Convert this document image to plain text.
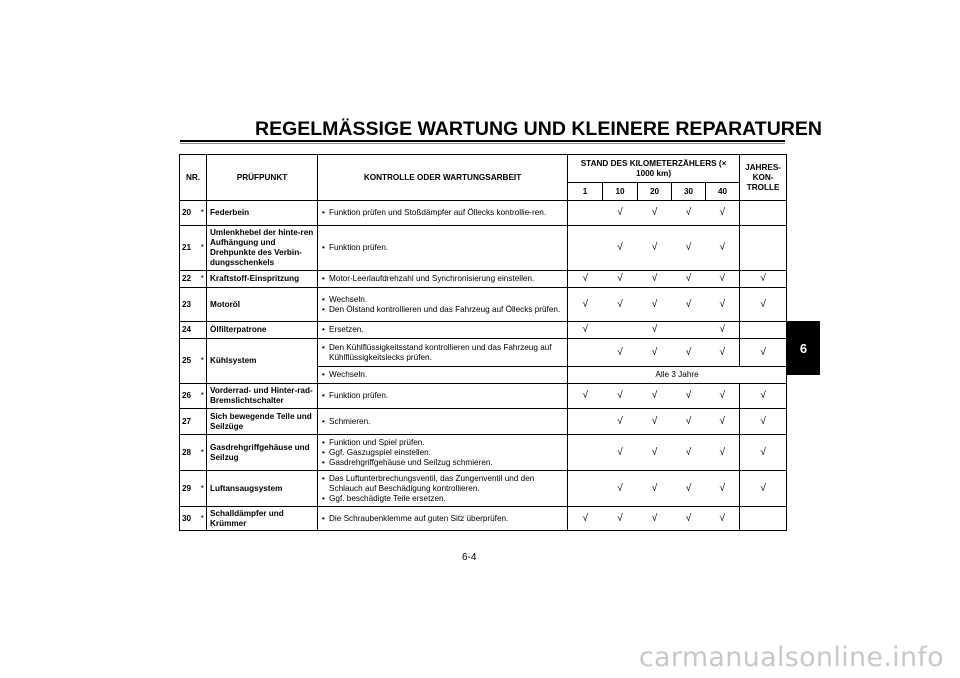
REGELMÄSSIGE WARTUNG UND KLEINERE REPARATUREN
NR.		PRÜFPUNKT	KONTROLLE ODER WARTUNGSARBEIT	STAND DES KILOMETERZÄHLERS (× 1000 km)					JAHRES-KON-TROLLE
				1	10	20	30	40	
20	*	Federbein	• Funktion prüfen und Stoßdämpfer auf Öllecks kontrollie-ren.		√	√	√	√	
21	*	Umlenkhebel der hinte-ren Aufhängung und Drehpunkte des Verbin-dungsschenkels	• Funktion prüfen.		√	√	√	√	
22	*	Kraftstoff-Einspritzung	• Motor-Leerlaufdrehzahl und Synchronisierung einstellen.	√	√	√	√	√	√
23		Motoröl	• Wechseln.
• Den Ölstand kontrollieren und das Fahrzeug auf Öllecks prüfen.	√	√	√	√	√	√
24		Ölfilterpatrone	• Ersetzen.	√		√		√	
25	*	Kühlsystem	• Den Kühlflüssigkeitsstand kontrollieren und das Fahrzeug auf Kühlflüssigkeitslecks prüfen.		√	√	√	√	√

			• Wechseln.	Alle 3 Jahre					
26	*	Vorderrad- und Hinter-rad-Bremslichtschalter	• Funktion prüfen.	√	√	√	√	√	√
27		Sich bewegende Teile und Seilzüge	• Schmieren.		√	√	√	√	√
28	*	Gasdrehgriffgehäuse und Seilzug	• Funktion und Spiel prüfen.
• Ggf. Gaszugspiel einstellen.
• Gasdrehgriffgehäuse und Seilzug schmieren.		√	√	√	√	√
29	*	Luftansaugsystem	• Das Luftunterbrechungsventil, das Zungenventil und den Schlauch auf Beschädigung kontrollieren.
• Ggf. beschädigte Teile ersetzen.		√	√	√	√	√
30	*	Schalldämpfer und Krümmer	• Die Schraubenklemme auf guten Sitz überprüfen.	√	√	√	√	√	
6
6-4
carmanualsonline.info
